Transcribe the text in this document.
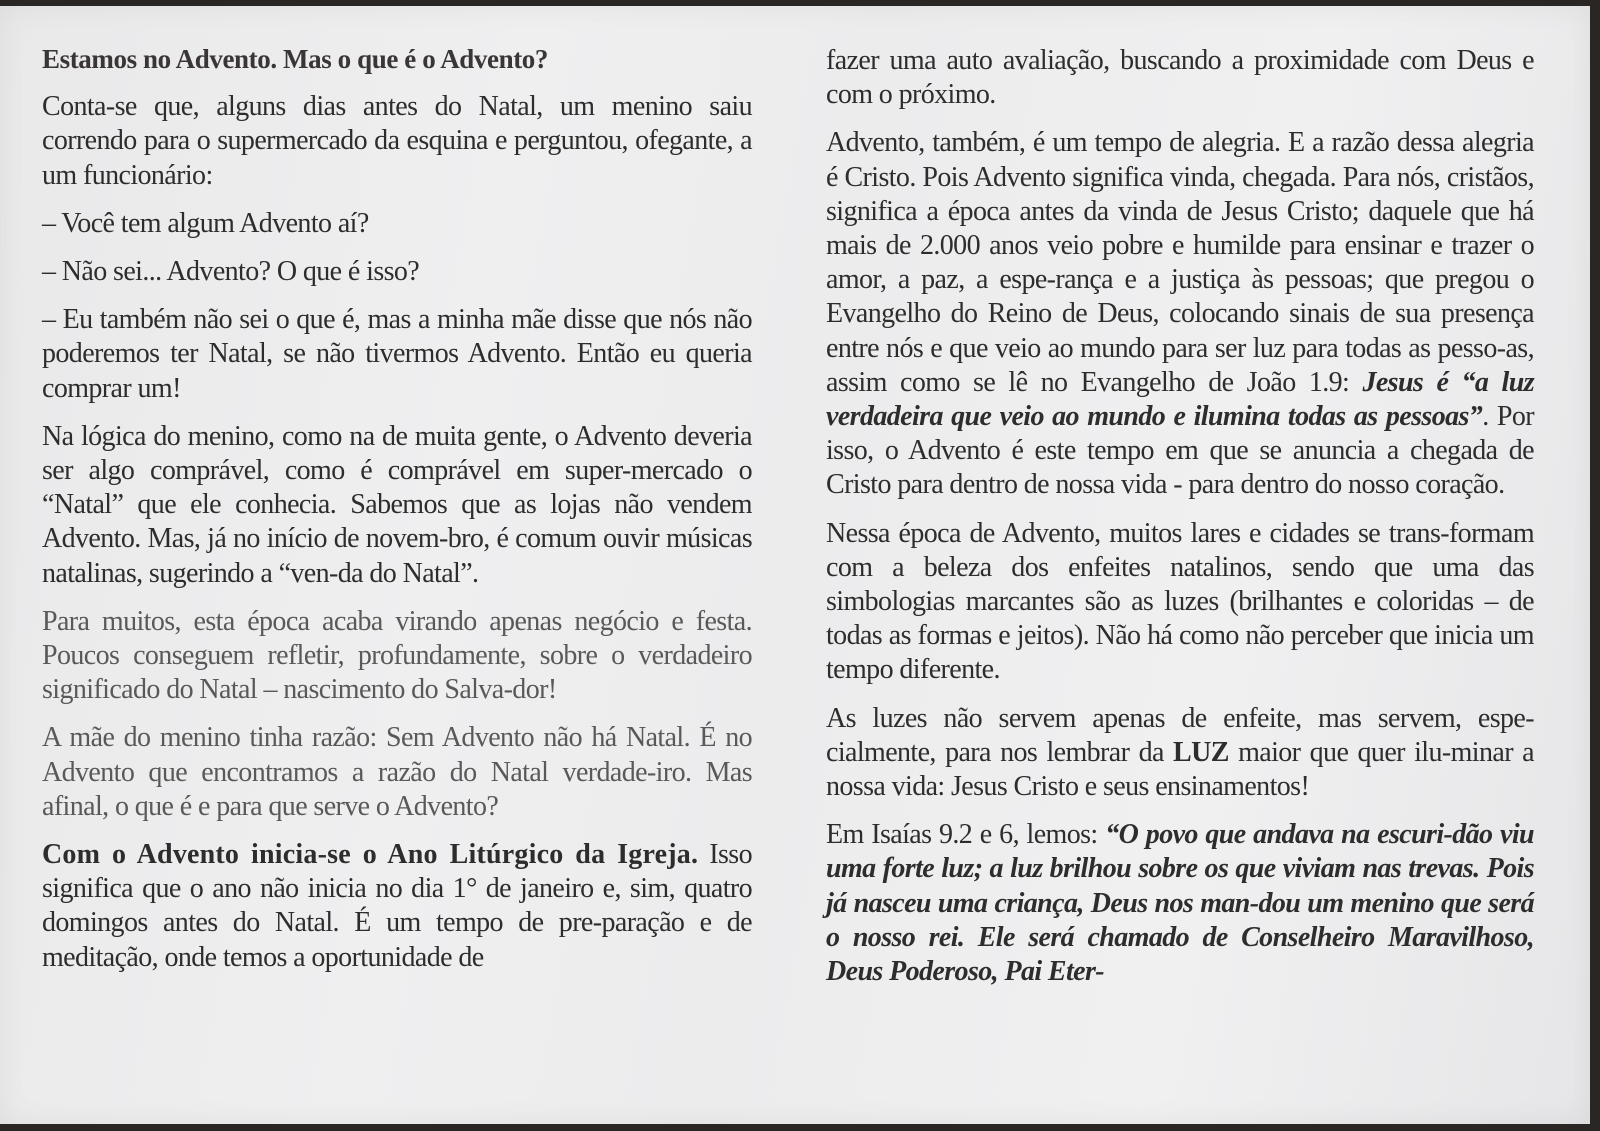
Estamos no Advento. Mas o que é o Advento?

Conta-se que, alguns dias antes do Natal, um menino saiu correndo para o supermercado da esquina e perguntou, ofegante, a um funcionário:

– Você tem algum Advento aí?

– Não sei... Advento? O que é isso?

– Eu também não sei o que é, mas a minha mãe disse que nós não poderemos ter Natal, se não tivermos Advento. Então eu queria comprar um!

Na lógica do menino, como na de muita gente, o Advento deveria ser algo comprável, como é comprável em super-mercado o “Natal” que ele conhecia. Sabemos que as lojas não vendem Advento. Mas, já no início de novem-bro, é comum ouvir músicas natalinas, sugerindo a “ven-da do Natal”.

Para muitos, esta época acaba virando apenas negócio e festa. Poucos conseguem refletir, profundamente, sobre o verdadeiro significado do Natal – nascimento do Salva-dor!

A mãe do menino tinha razão: Sem Advento não há Natal. É no Advento que encontramos a razão do Natal verdade-iro. Mas afinal, o que é e para que serve o Advento?

Com o Advento inicia-se o Ano Litúrgico da Igreja. Isso significa que o ano não inicia no dia 1° de janeiro e, sim, quatro domingos antes do Natal. É um tempo de pre-paração e de meditação, onde temos a oportunidade de

fazer uma auto avaliação, buscando a proximidade com Deus e com o próximo.

Advento, também, é um tempo de alegria. E a razão dessa alegria é Cristo. Pois Advento significa vinda, chegada. Para nós, cristãos, significa a época antes da vinda de Jesus Cristo; daquele que há mais de 2.000 anos veio pobre e humilde para ensinar e trazer o amor, a paz, a espe-rança e a justiça às pessoas; que pregou o Evangelho do Reino de Deus, colocando sinais de sua presença entre nós e que veio ao mundo para ser luz para todas as pesso-as, assim como se lê no Evangelho de João 1.9: Jesus é “a luz verdadeira que veio ao mundo e ilumina todas as pessoas”. Por isso, o Advento é este tempo em que se anuncia a chegada de Cristo para dentro de nossa vida - para dentro do nosso coração.

Nessa época de Advento, muitos lares e cidades se trans-formam com a beleza dos enfeites natalinos, sendo que uma das simbologias marcantes são as luzes (brilhantes e coloridas – de todas as formas e jeitos). Não há como não perceber que inicia um tempo diferente.

As luzes não servem apenas de enfeite, mas servem, espe-cialmente, para nos lembrar da LUZ maior que quer ilu-minar a nossa vida: Jesus Cristo e seus ensinamentos!

Em Isaías 9.2 e 6, lemos: “O povo que andava na escuri-dão viu uma forte luz; a luz brilhou sobre os que viviam nas trevas. Pois já nasceu uma criança, Deus nos man-dou um menino que será o nosso rei. Ele será chamado de Conselheiro Maravilhoso, Deus Poderoso, Pai Eter-
